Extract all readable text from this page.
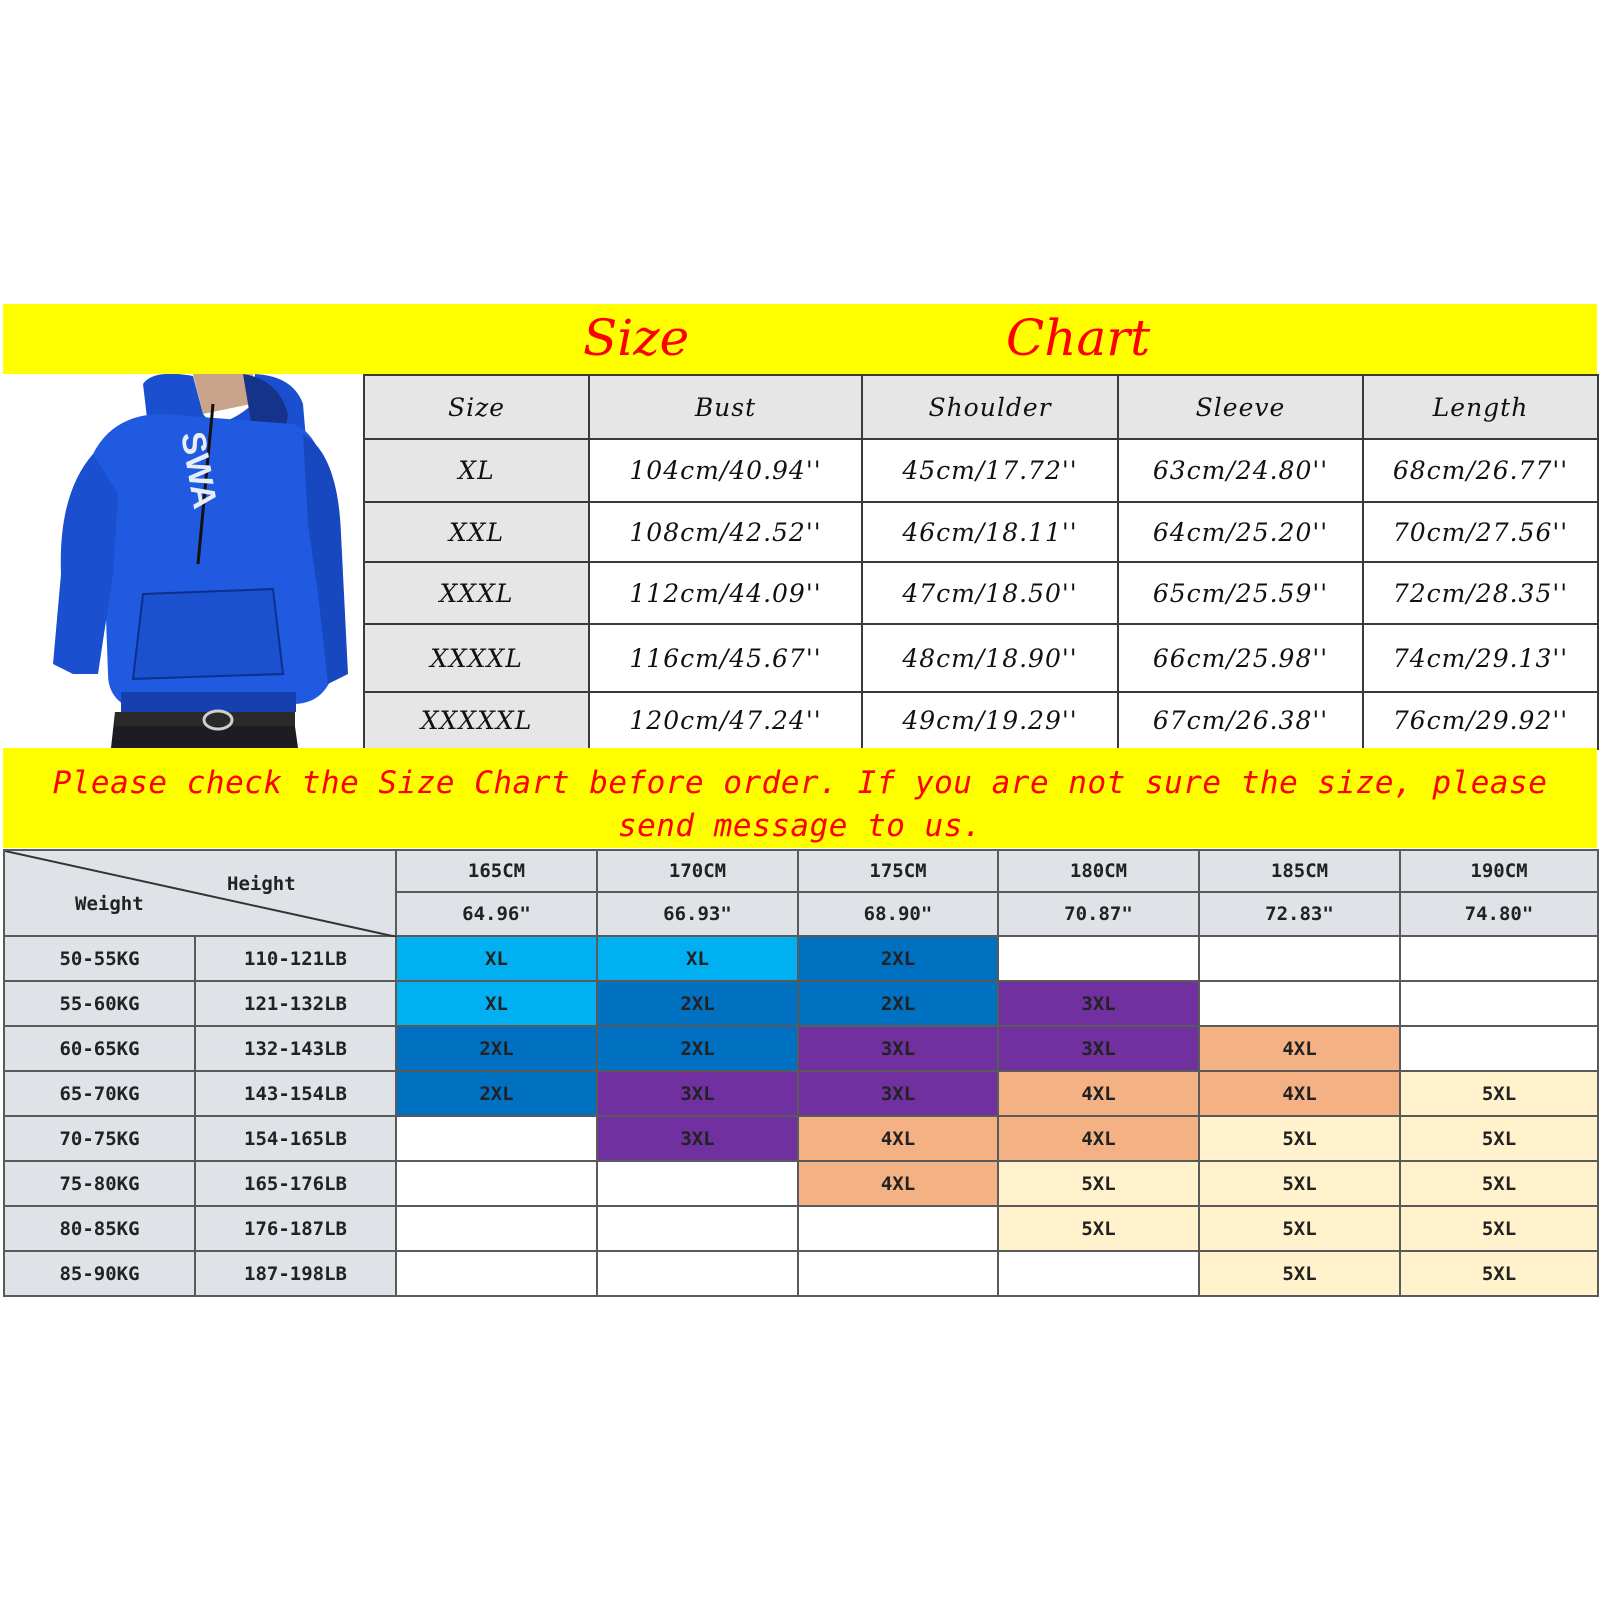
Size	Chart
SWA
Size	Bust	Shoulder	Sleeve	Length
XL	104cm/40.94''	45cm/17.72''	63cm/24.80''	68cm/26.77''
XXL	108cm/42.52''	46cm/18.11''	64cm/25.20''	70cm/27.56''
XXXL	112cm/44.09''	47cm/18.50''	65cm/25.59''	72cm/28.35''
XXXXL	116cm/45.67''	48cm/18.90''	66cm/25.98''	74cm/29.13''
XXXXXL	120cm/47.24''	49cm/19.29''	67cm/26.38''	76cm/29.92''
Please check the Size Chart before order. If you are not sure the size, please send message to us.
Height
Weight		165CM	170CM	175CM	180CM	185CM	190CM
		64.96"	66.93"	68.90"	70.87"	72.83"	74.80"
50-55KG	110-121LB	XL	XL	2XL			
55-60KG	121-132LB	XL	2XL	2XL	3XL		
60-65KG	132-143LB	2XL	2XL	3XL	3XL	4XL	
65-70KG	143-154LB	2XL	3XL	3XL	4XL	4XL	5XL
70-75KG	154-165LB		3XL	4XL	4XL	5XL	5XL
75-80KG	165-176LB			4XL	5XL	5XL	5XL
80-85KG	176-187LB				5XL	5XL	5XL
85-90KG	187-198LB					5XL	5XL
